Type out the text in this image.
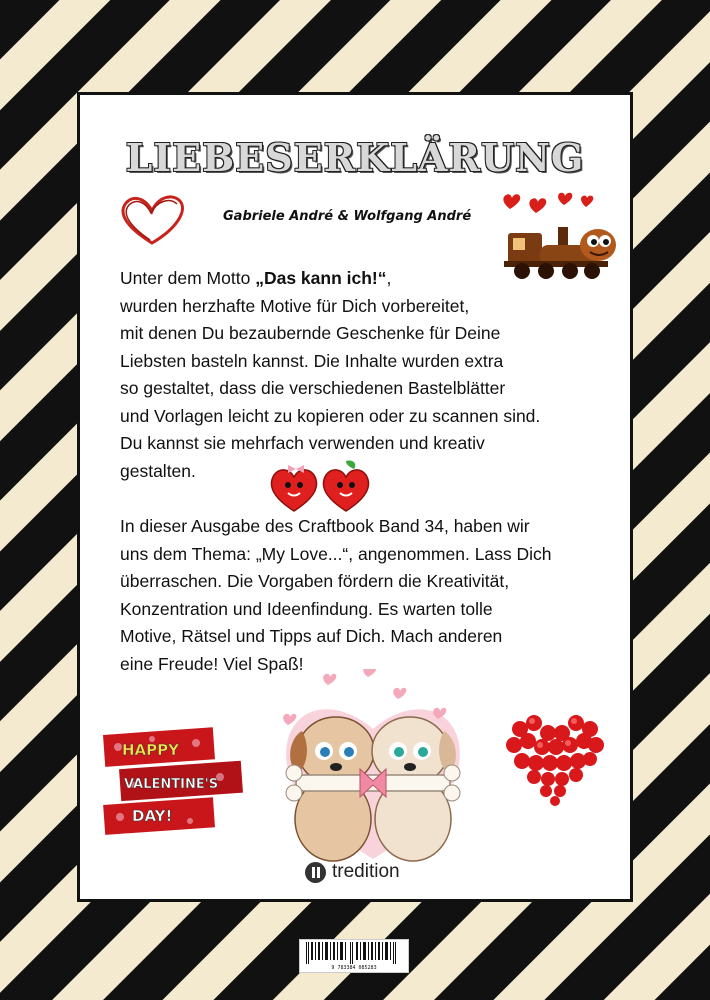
LIEBESERKLÄRUNG
Gabriele André & Wolfgang André
Unter dem Motto „Das kann ich!“,
wurden herzhafte Motive für Dich vorbereitet,
mit denen Du bezaubernde Geschenke für Deine
Liebsten basteln kannst. Die Inhalte wurden extra
so gestaltet, dass die verschiedenen Bastelblätter
und Vorlagen leicht zu kopieren oder zu scannen sind.
Du kannst sie mehrfach verwenden und kreativ
gestalten.
In dieser Ausgabe des Craftbook Band 34, haben wir
uns dem Thema: „My Love...“, angenommen. Lass Dich
überraschen. Die Vorgaben fördern die Kreativität,
Konzentration und Ideenfindung. Es warten tolle
Motive, Rätsel und Tipps auf Dich. Mach anderen
eine Freude! Viel Spaß!
HAPPY
VALENTINE'S
DAY!
tredition
9 783384 085283
